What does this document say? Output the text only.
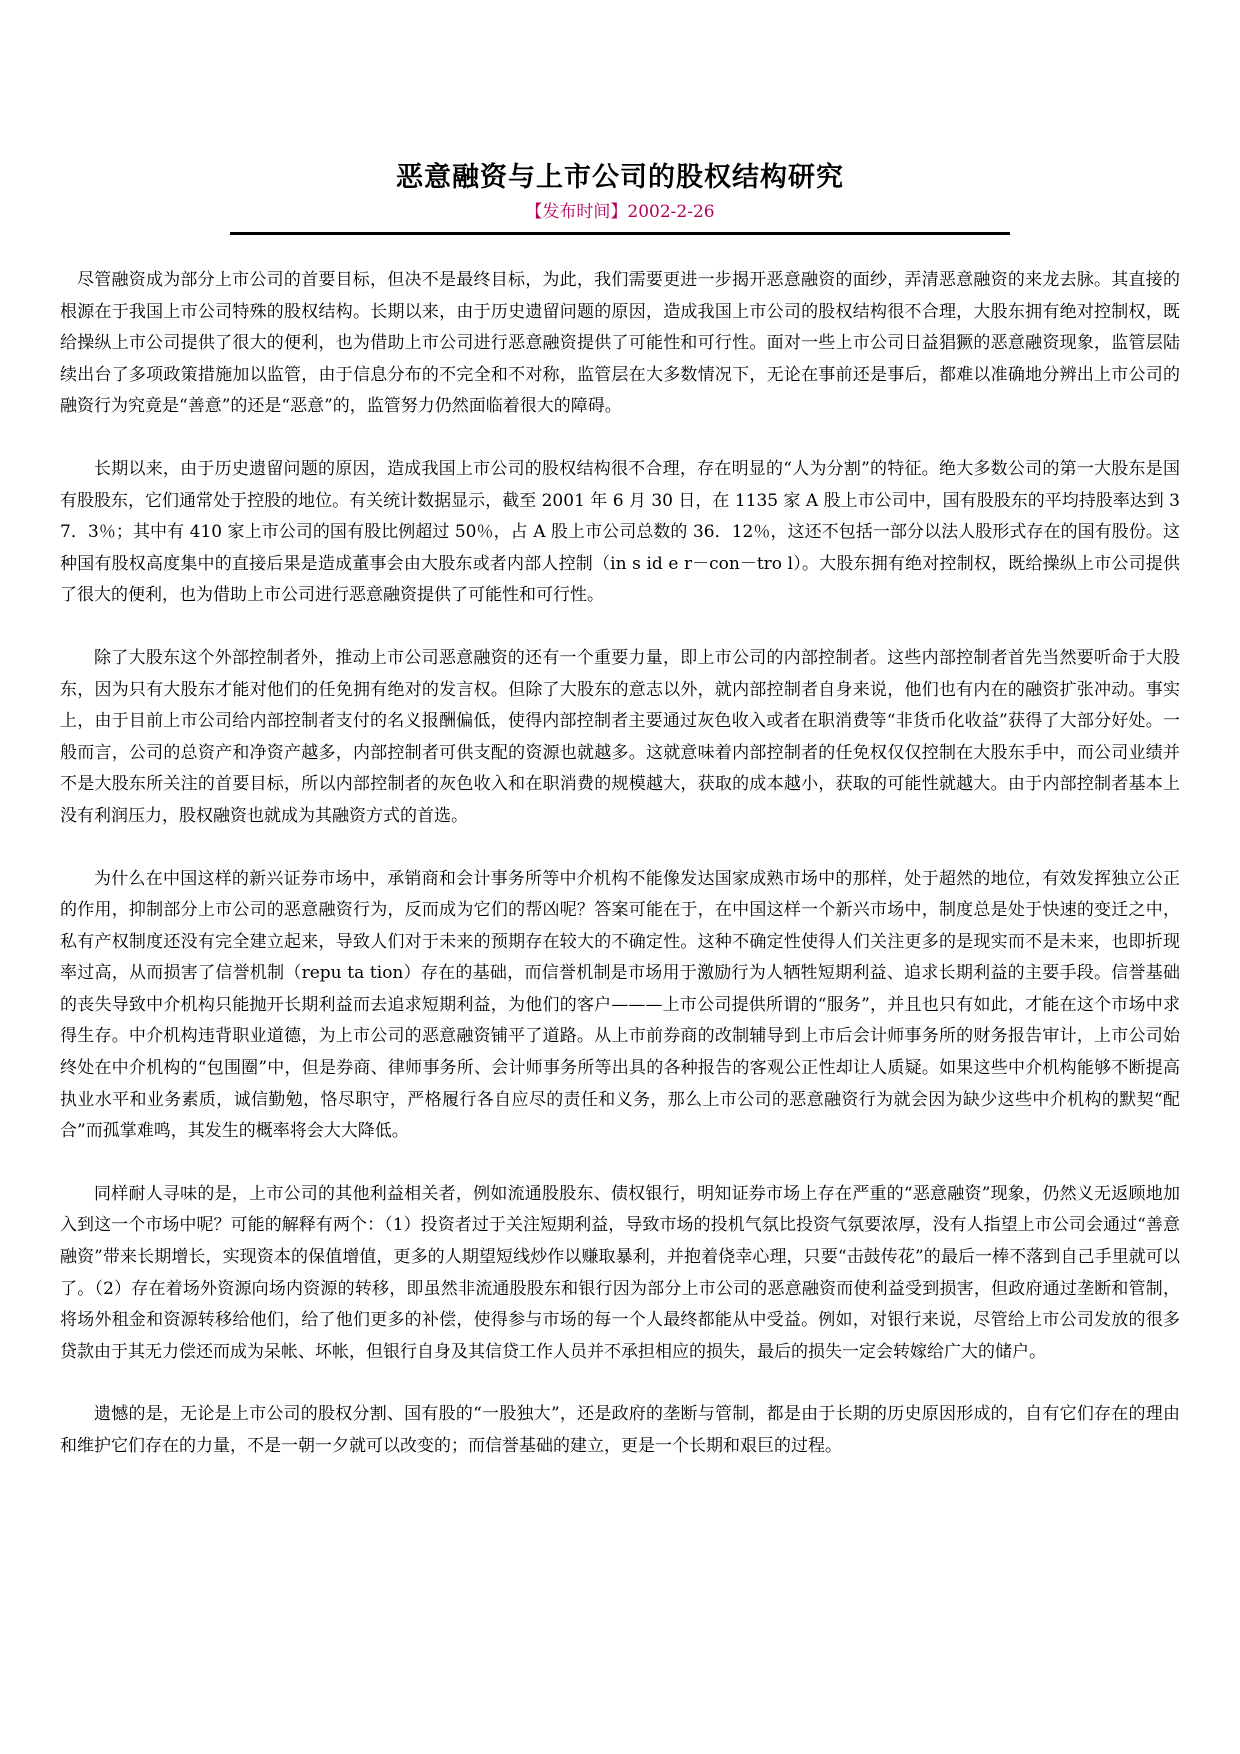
恶意融资与上市公司的股权结构研究
【发布时间】2002-2-26

尽管融资成为部分上市公司的首要目标，但决不是最终目标，为此，我们需要更进一步揭开恶意融资的面纱，弄清恶意融资的来龙去脉。其直接的根源在于我国上市公司特殊的股权结构。长期以来，由于历史遗留问题的原因，造成我国上市公司的股权结构很不合理，大股东拥有绝对控制权，既给操纵上市公司提供了很大的便利，也为借助上市公司进行恶意融资提供了可能性和可行性。面对一些上市公司日益猖獗的恶意融资现象，监管层陆续出台了多项政策措施加以监管，由于信息分布的不完全和不对称，监管层在大多数情况下，无论在事前还是事后，都难以准确地分辨出上市公司的融资行为究竟是“善意”的还是“恶意”的，监管努力仍然面临着很大的障碍。

长期以来，由于历史遗留问题的原因，造成我国上市公司的股权结构很不合理，存在明显的“人为分割”的特征。绝大多数公司的第一大股东是国有股股东，它们通常处于控股的地位。有关统计数据显示，截至 2001 年 6 月 30 日，在 1135 家 A 股上市公司中，国有股股东的平均持股率达到 37．3％；其中有 410 家上市公司的国有股比例超过 50％，占 A 股上市公司总数的 36．12％，这还不包括一部分以法人股形式存在的国有股份。这种国有股权高度集中的直接后果是造成董事会由大股东或者内部人控制（in s id e r－con－tro l）。大股东拥有绝对控制权，既给操纵上市公司提供了很大的便利，也为借助上市公司进行恶意融资提供了可能性和可行性。

除了大股东这个外部控制者外，推动上市公司恶意融资的还有一个重要力量，即上市公司的内部控制者。这些内部控制者首先当然要听命于大股东，因为只有大股东才能对他们的任免拥有绝对的发言权。但除了大股东的意志以外，就内部控制者自身来说，他们也有内在的融资扩张冲动。事实上，由于目前上市公司给内部控制者支付的名义报酬偏低，使得内部控制者主要通过灰色收入或者在职消费等“非货币化收益”获得了大部分好处。一般而言，公司的总资产和净资产越多，内部控制者可供支配的资源也就越多。这就意味着内部控制者的任免权仅仅控制在大股东手中，而公司业绩并不是大股东所关注的首要目标，所以内部控制者的灰色收入和在职消费的规模越大，获取的成本越小，获取的可能性就越大。由于内部控制者基本上没有利润压力，股权融资也就成为其融资方式的首选。

为什么在中国这样的新兴证券市场中，承销商和会计事务所等中介机构不能像发达国家成熟市场中的那样，处于超然的地位，有效发挥独立公正的作用，抑制部分上市公司的恶意融资行为，反而成为它们的帮凶呢？答案可能在于，在中国这样一个新兴市场中，制度总是处于快速的变迁之中，私有产权制度还没有完全建立起来，导致人们对于未来的预期存在较大的不确定性。这种不确定性使得人们关注更多的是现实而不是未来，也即折现率过高，从而损害了信誉机制（repu ta tion）存在的基础，而信誉机制是市场用于激励行为人牺牲短期利益、追求长期利益的主要手段。信誉基础的丧失导致中介机构只能抛开长期利益而去追求短期利益，为他们的客户———上市公司提供所谓的“服务”，并且也只有如此，才能在这个市场中求得生存。中介机构违背职业道德，为上市公司的恶意融资铺平了道路。从上市前券商的改制辅导到上市后会计师事务所的财务报告审计，上市公司始终处在中介机构的“包围圈”中，但是券商、律师事务所、会计师事务所等出具的各种报告的客观公正性却让人质疑。如果这些中介机构能够不断提高执业水平和业务素质，诚信勤勉，恪尽职守，严格履行各自应尽的责任和义务，那么上市公司的恶意融资行为就会因为缺少这些中介机构的默契“配合”而孤掌难鸣，其发生的概率将会大大降低。

同样耐人寻味的是，上市公司的其他利益相关者，例如流通股股东、债权银行，明知证券市场上存在严重的“恶意融资”现象，仍然义无返顾地加入到这一个市场中呢？可能的解释有两个：（1）投资者过于关注短期利益，导致市场的投机气氛比投资气氛要浓厚，没有人指望上市公司会通过“善意融资”带来长期增长，实现资本的保值增值，更多的人期望短线炒作以赚取暴利，并抱着侥幸心理，只要“击鼓传花”的最后一棒不落到自己手里就可以了。（2）存在着场外资源向场内资源的转移，即虽然非流通股股东和银行因为部分上市公司的恶意融资而使利益受到损害，但政府通过垄断和管制，将场外租金和资源转移给他们，给了他们更多的补偿，使得参与市场的每一个人最终都能从中受益。例如，对银行来说，尽管给上市公司发放的很多贷款由于其无力偿还而成为呆帐、坏帐，但银行自身及其信贷工作人员并不承担相应的损失，最后的损失一定会转嫁给广大的储户。

遗憾的是，无论是上市公司的股权分割、国有股的“一股独大”，还是政府的垄断与管制，都是由于长期的历史原因形成的，自有它们存在的理由和维护它们存在的力量，不是一朝一夕就可以改变的；而信誉基础的建立，更是一个长期和艰巨的过程。
